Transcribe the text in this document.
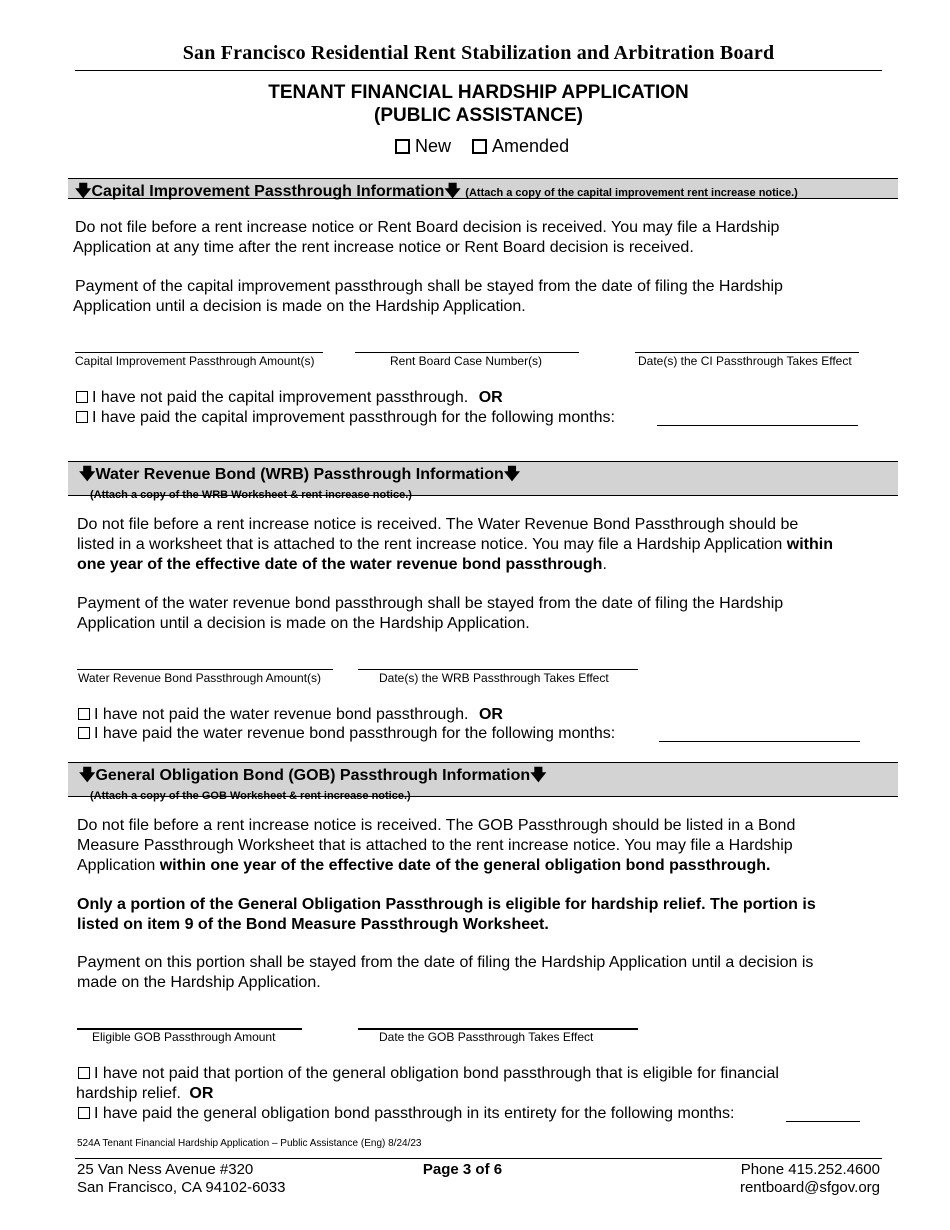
San Francisco Residential Rent Stabilization and Arbitration Board
TENANT FINANCIAL HARDSHIP APPLICATION
(PUBLIC ASSISTANCE)
New Amended
🡇Capital Improvement Passthrough Information🡇 (Attach a copy of the capital improvement rent increase notice.)
Do not file before a rent increase notice or Rent Board decision is received. You may file a Hardship
Application at any time after the rent increase notice or Rent Board decision is received.
Payment of the capital improvement passthrough shall be stayed from the date of filing the Hardship
Application until a decision is made on the Hardship Application.
Capital Improvement Passthrough Amount(s)	Rent Board Case Number(s)	Date(s) the CI Passthrough Takes Effect
I have not paid the capital improvement passthrough. OR
I have paid the capital improvement passthrough for the following months:
🡇Water Revenue Bond (WRB) Passthrough Information🡇
(Attach a copy of the WRB Worksheet & rent increase notice.)
Do not file before a rent increase notice is received. The Water Revenue Bond Passthrough should be
listed in a worksheet that is attached to the rent increase notice. You may file a Hardship Application within
one year of the effective date of the water revenue bond passthrough.
Payment of the water revenue bond passthrough shall be stayed from the date of filing the Hardship
Application until a decision is made on the Hardship Application.
Water Revenue Bond Passthrough Amount(s)	Date(s) the WRB Passthrough Takes Effect
I have not paid the water revenue bond passthrough. OR
I have paid the water revenue bond passthrough for the following months:
🡇General Obligation Bond (GOB) Passthrough Information🡇
(Attach a copy of the GOB Worksheet & rent increase notice.)
Do not file before a rent increase notice is received. The GOB Passthrough should be listed in a Bond
Measure Passthrough Worksheet that is attached to the rent increase notice. You may file a Hardship
Application within one year of the effective date of the general obligation bond passthrough.
Only a portion of the General Obligation Passthrough is eligible for hardship relief. The portion is
listed on item 9 of the Bond Measure Passthrough Worksheet.
Payment on this portion shall be stayed from the date of filing the Hardship Application until a decision is
made on the Hardship Application.
Eligible GOB Passthrough Amount	Date the GOB Passthrough Takes Effect
I have not paid that portion of the general obligation bond passthrough that is eligible for financial
hardship relief. OR
I have paid the general obligation bond passthrough in its entirety for the following months:
524A Tenant Financial Hardship Application – Public Assistance (Eng) 8/24/23
25 Van Ness Avenue #320
San Francisco, CA 94102-6033
Page 3 of 6	Phone 415.252.4600
rentboard@sfgov.org
